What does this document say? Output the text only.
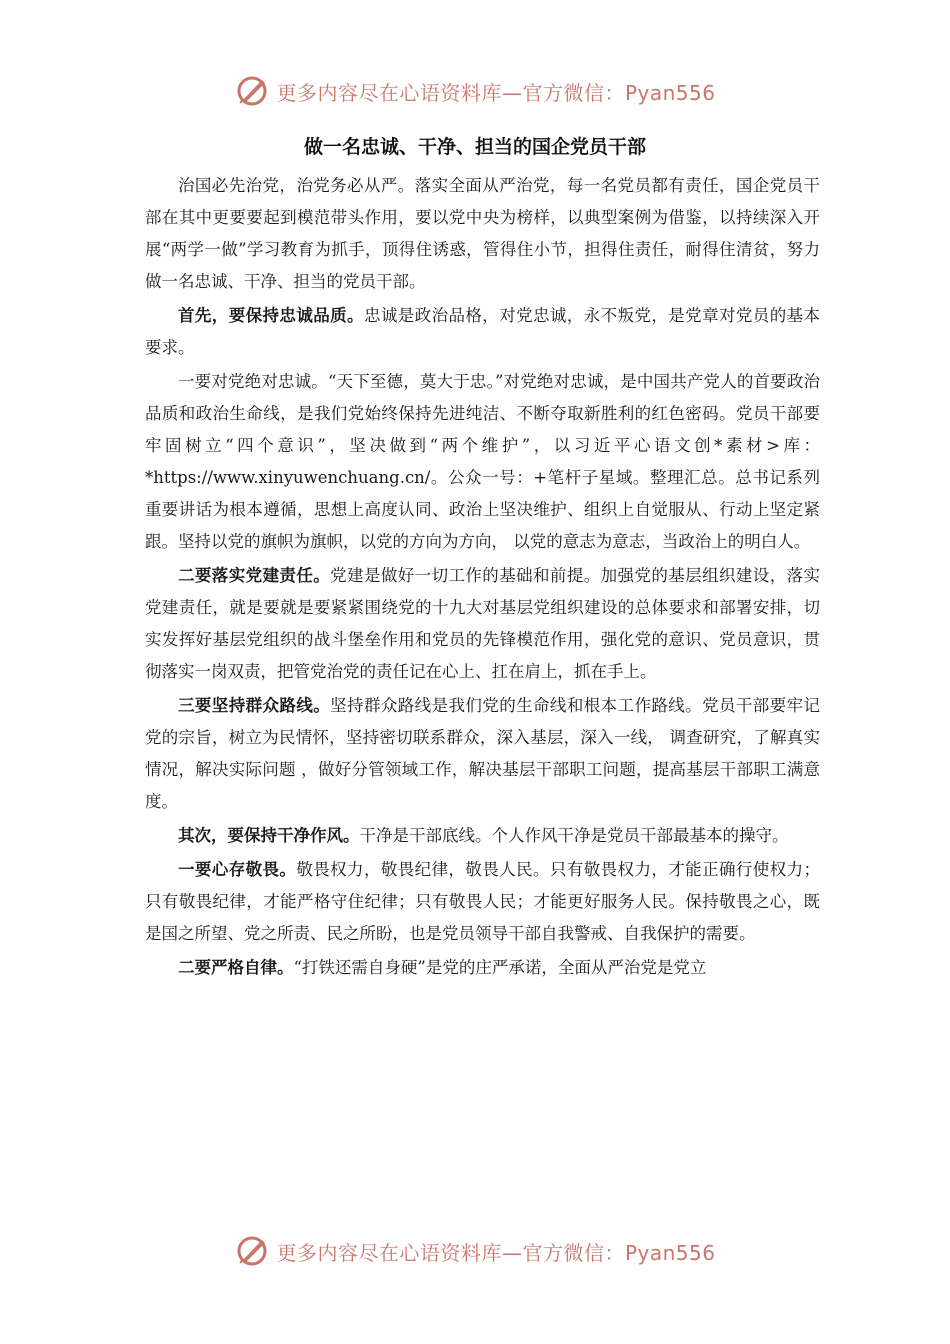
更多内容尽在心语资料库—官方微信：Pyan556
做一名忠诚、干净、担当的国企党员干部

治国必先治党，治党务必从严。落实全面从严治党，每一名党员都有责任，国企党员干部在其中更要要起到模范带头作用，要以党中央为榜样，以典型案例为借鉴，以持续深入开展“两学一做”学习教育为抓手，顶得住诱惑，管得住小节，担得住责任，耐得住清贫，努力做一名忠诚、干净、担当的党员干部。

首先，要保持忠诚品质。忠诚是政治品格，对党忠诚，永不叛党，是党章对党员的基本要求。

一要对党绝对忠诚。“天下至德，莫大于忠。”对党绝对忠诚，是中国共产党人的首要政治品质和政治生命线，是我们党始终保持先进纯洁、不断夺取新胜利的红色密码。党员干部要牢固树立“四个意识”，坚决做到“两个维护”，以习近平心语文创*素材>库：*https://www.xinyuwenchuang.cn/。公众一号：+笔杆子星域。整理汇总。总书记系列重要讲话为根本遵循，思想上高度认同、政治上坚决维护、组织上自觉服从、行动上坚定紧跟。坚持以党的旗帜为旗帜，以党的方向为方向， 以党的意志为意志，当政治上的明白人。

二要落实党建责任。党建是做好一切工作的基础和前提。加强党的基层组织建设，落实党建责任，就是要就是要紧紧围绕党的十九大对基层党组织建设的总体要求和部署安排，切实发挥好基层党组织的战斗堡垒作用和党员的先锋模范作用，强化党的意识、党员意识，贯彻落实一岗双责，把管党治党的责任记在心上、扛在肩上，抓在手上。

三要坚持群众路线。坚持群众路线是我们党的生命线和根本工作路线。党员干部要牢记党的宗旨，树立为民情怀，坚持密切联系群众，深入基层，深入一线， 调查研究，了解真实情况，解决实际问题 ，做好分管领域工作，解决基层干部职工问题，提高基层干部职工满意度。

其次，要保持干净作风。干净是干部底线。个人作风干净是党员干部最基本的操守。

一要心存敬畏。敬畏权力，敬畏纪律，敬畏人民。只有敬畏权力，才能正确行使权力；只有敬畏纪律，才能严格守住纪律；只有敬畏人民；才能更好服务人民。保持敬畏之心，既是国之所望、党之所责、民之所盼，也是党员领导干部自我警戒、自我保护的需要。

二要严格自律。“打铁还需自身硬”是党的庄严承诺，全面从严治党是党立

更多内容尽在心语资料库—官方微信：Pyan556
